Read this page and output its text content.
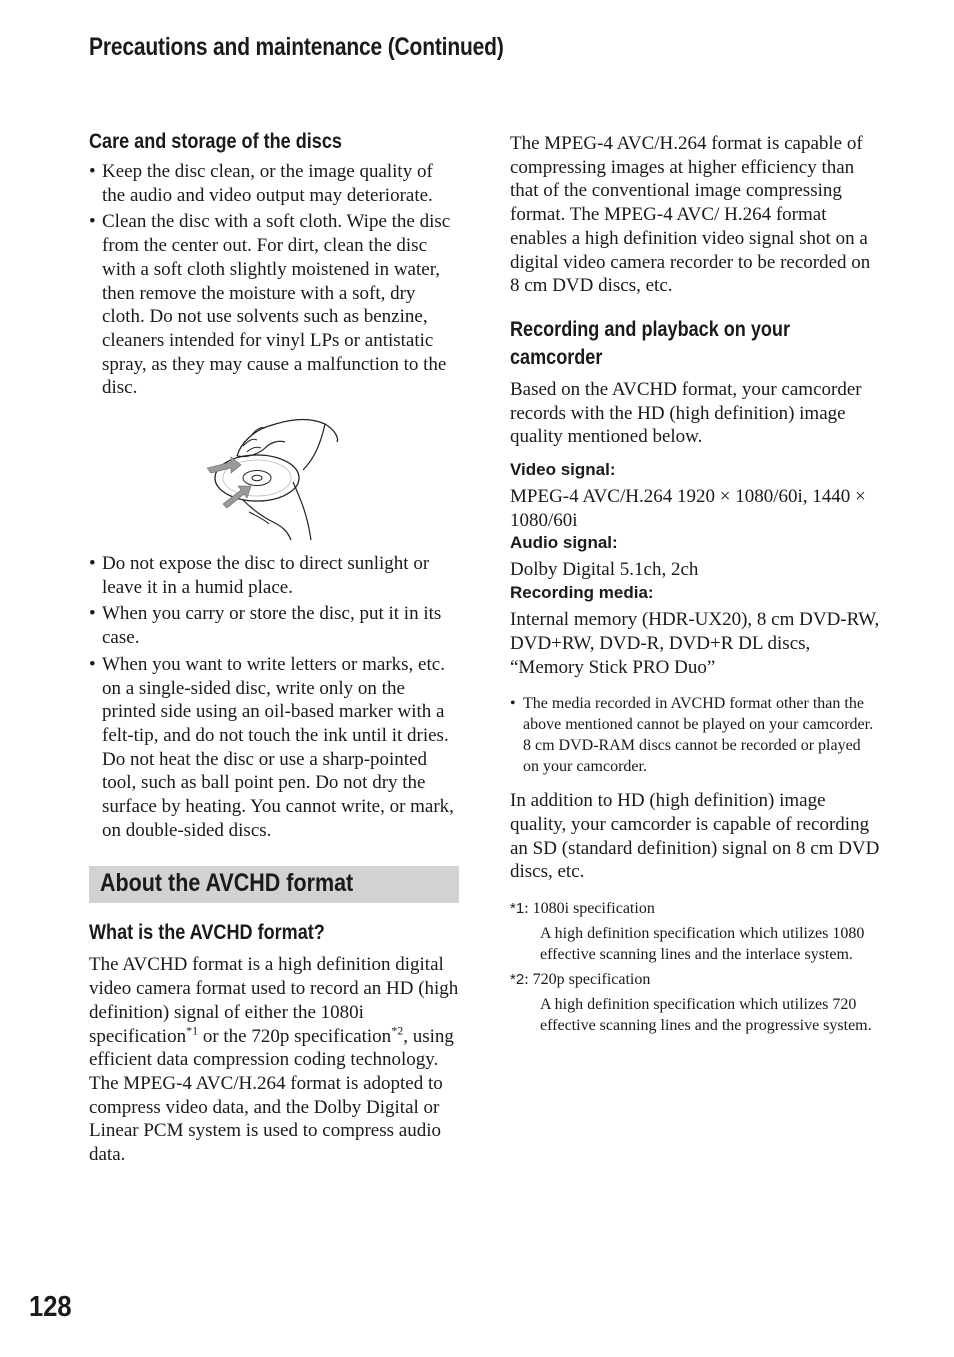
Precautions and maintenance (Continued)
Care and storage of the discs
• Keep the disc clean, or the image quality of the audio and video output may deteriorate.
• Clean the disc with a soft cloth. Wipe the disc from the center out. For dirt, clean the disc with a soft cloth slightly moistened in water, then remove the moisture with a soft, dry cloth. Do not use solvents such as benzine, cleaners intended for vinyl LPs or antistatic spray, as they may cause a malfunction to the disc.
• Do not expose the disc to direct sunlight or leave it in a humid place.
• When you carry or store the disc, put it in its case.
• When you want to write letters or marks, etc. on a single-sided disc, write only on the printed side using an oil-based marker with a felt-tip, and do not touch the ink until it dries. Do not heat the disc or use a sharp-pointed tool, such as ball point pen. Do not dry the surface by heating. You cannot write, or mark, on double-sided discs.
About the AVCHD format
What is the AVCHD format?

The AVCHD format is a high definition digital video camera format used to record an HD (high definition) signal of either the 1080i specification$^{*1}$ or the 720p specification$^{*2}$, using efficient data compression coding technology. The MPEG-4 AVC/H.264 format is adopted to compress video data, and the Dolby Digital or Linear PCM system is used to compress audio data.

The MPEG-4 AVC/H.264 format is capable of compressing images at higher efficiency than that of the conventional image compressing format. The MPEG-4 AVC/ H.264 format enables a high definition video signal shot on a digital video camera recorder to be recorded on 8 cm DVD discs, etc.

Recording and playback on your camcorder

Based on the AVCHD format, your camcorder records with the HD (high definition) image quality mentioned below.

Video signal:

MPEG-4 AVC/H.264 1920 × 1080/60i, 1440 × 1080/60i

Audio signal:

Dolby Digital 5.1ch, 2ch

Recording media:

Internal memory (HDR-UX20), 8 cm DVD-RW, DVD+RW, DVD-R, DVD+R DL discs, “Memory Stick PRO Duo”

• The media recorded in AVCHD format other than the above mentioned cannot be played on your camcorder. 8 cm DVD-RAM discs cannot be recorded or played on your camcorder.

In addition to HD (high definition) image quality, your camcorder is capable of recording an SD (standard definition) signal on 8 cm DVD discs, etc.

*1: 1080i specification

A high definition specification which utilizes 1080 effective scanning lines and the interlace system.

*2: 720p specification

A high definition specification which utilizes 720 effective scanning lines and the progressive system.

128
